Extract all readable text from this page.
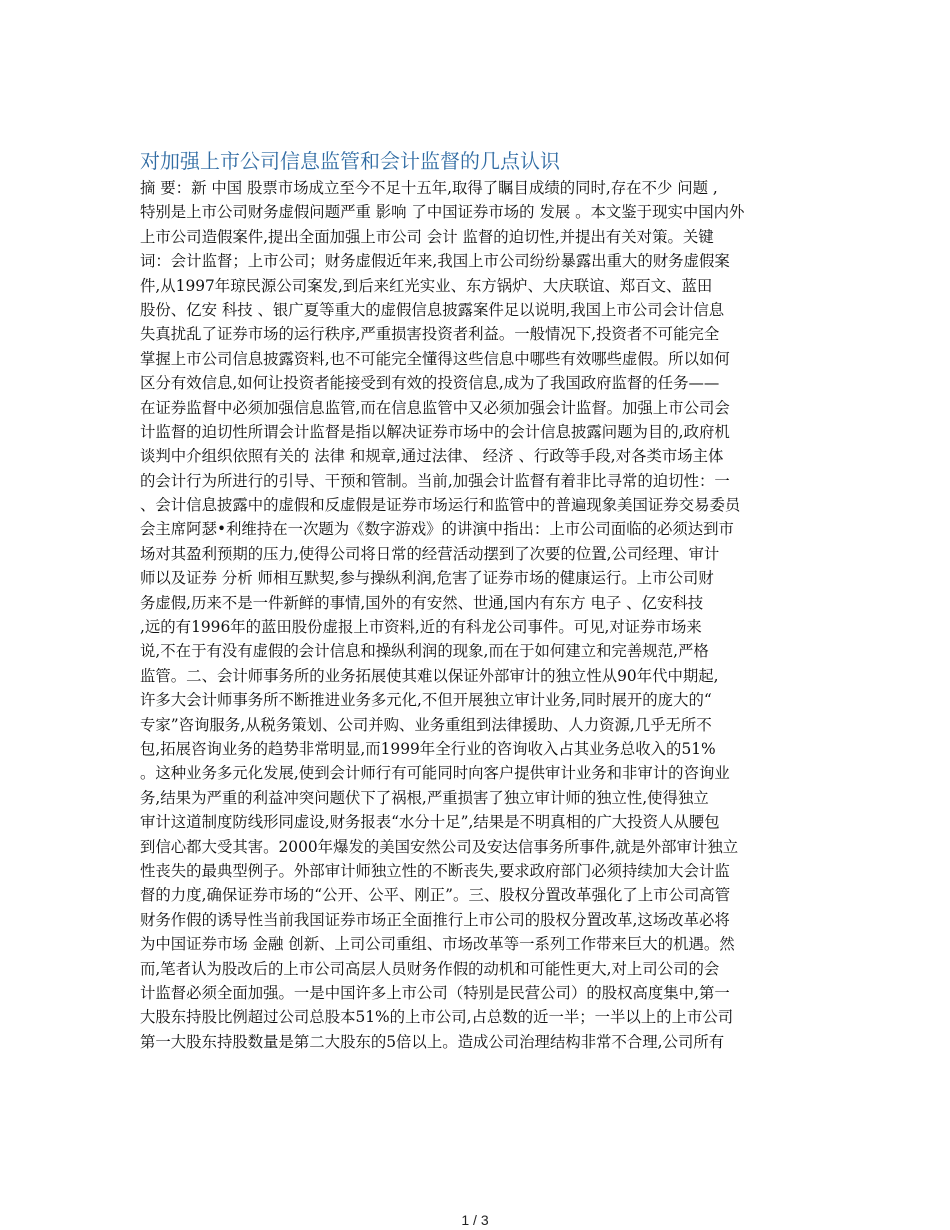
对加强上市公司信息监管和会计监督的几点认识
摘 要：新 中国 股票市场成立至今不足十五年,取得了瞩目成绩的同时,存在不少 问题 ,
特别是上市公司财务虚假问题严重 影响 了中国证券市场的 发展 。本文鉴于现实中国内外
上市公司造假案件,提出全面加强上市公司 会计 监督的迫切性,并提出有关对策。关键
词：会计监督；上市公司；财务虚假近年来,我国上市公司纷纷暴露出重大的财务虚假案
件,从1997年琼民源公司案发,到后来红光实业、东方锅炉、大庆联谊、郑百文、蓝田
股份、亿安 科技 、银广夏等重大的虚假信息披露案件足以说明,我国上市公司会计信息
失真扰乱了证券市场的运行秩序,严重损害投资者利益。一般情况下,投资者不可能完全
掌握上市公司信息披露资料,也不可能完全懂得这些信息中哪些有效哪些虚假。所以如何
区分有效信息,如何让投资者能接受到有效的投资信息,成为了我国政府监督的任务——
在证券监督中必须加强信息监管,而在信息监管中又必须加强会计监督。加强上市公司会
计监督的迫切性所谓会计监督是指以解决证券市场中的会计信息披露问题为目的,政府机
谈判中介组织依照有关的 法律 和规章,通过法律、 经济 、行政等手段,对各类市场主体
的会计行为所进行的引导、干预和管制。当前,加强会计监督有着非比寻常的迫切性：一
、会计信息披露中的虚假和反虚假是证券市场运行和监管中的普遍现象美国证券交易委员
会主席阿瑟•利维持在一次题为《数字游戏》的讲演中指出：上市公司面临的必须达到市
场对其盈利预期的压力,使得公司将日常的经营活动摆到了次要的位置,公司经理、审计
师以及证券 分析 师相互默契,参与操纵利润,危害了证券市场的健康运行。上市公司财
务虚假,历来不是一件新鲜的事情,国外的有安然、世通,国内有东方 电子 、亿安科技
,远的有1996年的蓝田股份虚报上市资料,近的有科龙公司事件。可见,对证券市场来
说,不在于有没有虚假的会计信息和操纵利润的现象,而在于如何建立和完善规范,严格
监管。二、会计师事务所的业务拓展使其难以保证外部审计的独立性从90年代中期起,
许多大会计师事务所不断推进业务多元化,不但开展独立审计业务,同时展开的庞大的“
专家”咨询服务,从税务策划、公司并购、业务重组到法律援助、人力资源,几乎无所不
包,拓展咨询业务的趋势非常明显,而1999年全行业的咨询收入占其业务总收入的51%
。这种业务多元化发展,使到会计师行有可能同时向客户提供审计业务和非审计的咨询业
务,结果为严重的利益冲突问题伏下了祸根,严重损害了独立审计师的独立性,使得独立
审计这道制度防线形同虚设,财务报表“水分十足”,结果是不明真相的广大投资人从腰包
到信心都大受其害。2000年爆发的美国安然公司及安达信事务所事件,就是外部审计独立
性丧失的最典型例子。外部审计师独立性的不断丧失,要求政府部门必须持续加大会计监
督的力度,确保证券市场的“公开、公平、刚正”。三、股权分置改革强化了上市公司高管
财务作假的诱导性当前我国证券市场正全面推行上市公司的股权分置改革,这场改革必将
为中国证券市场 金融 创新、上司公司重组、市场改革等一系列工作带来巨大的机遇。然
而,笔者认为股改后的上市公司高层人员财务作假的动机和可能性更大,对上司公司的会
计监督必须全面加强。一是中国许多上市公司（特别是民营公司）的股权高度集中,第一
大股东持股比例超过公司总股本51%的上市公司,占总数的近一半；一半以上的上市公司
第一大股东持股数量是第二大股东的5倍以上。造成公司治理结构非常不合理,公司所有
1 / 3
